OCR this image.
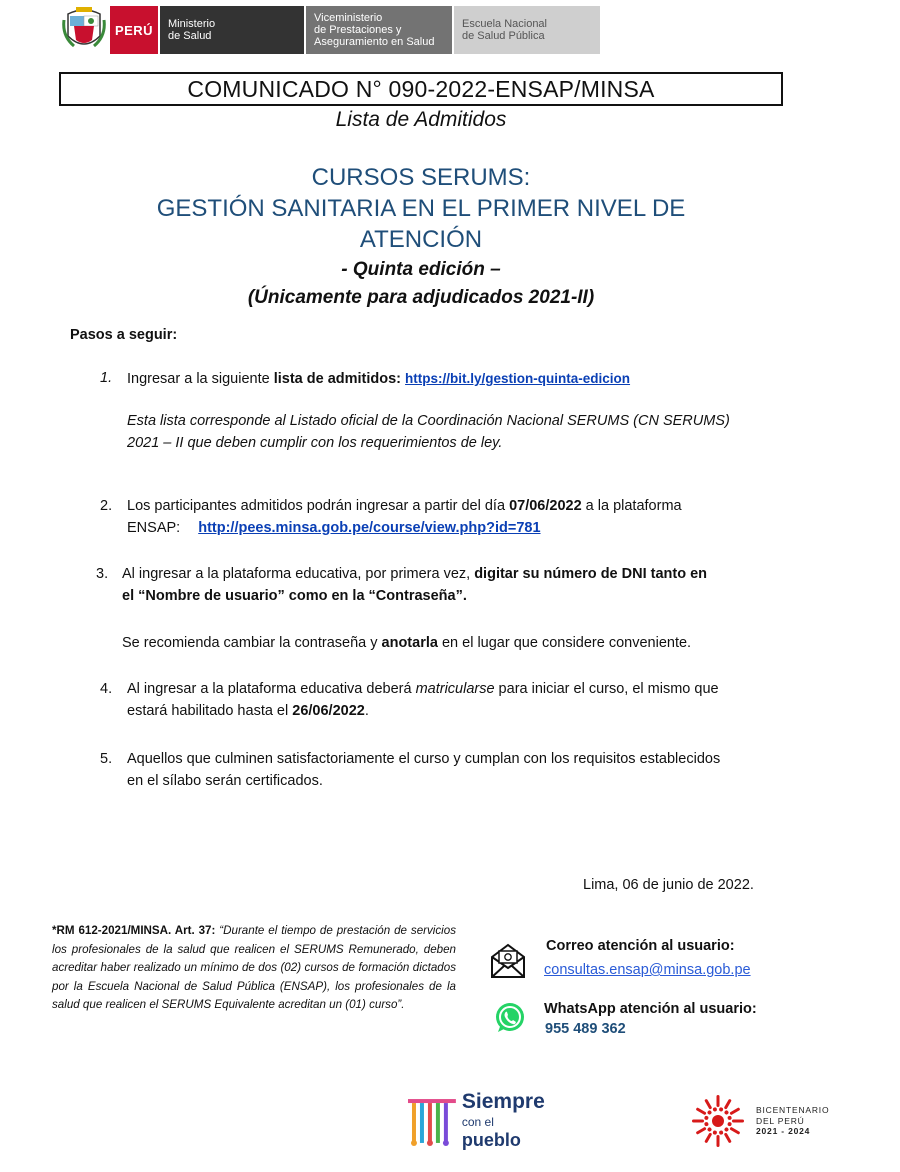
PERÚ	Ministerio
de Salud
Viceministerio
de Prestaciones y
Aseguramiento en Salud
Escuela Nacional
de Salud Pública
COMUNICADO N° 090-2022-ENSAP/MINSA
Lista de Admitidos
CURSOS SERUMS:
GESTIÓN SANITARIA EN EL PRIMER NIVEL DE
ATENCIÓN
- Quinta edición –
(Únicamente para adjudicados 2021-II)
Pasos a seguir:
1. Ingresar a la siguiente lista de admitidos: https://bit.ly/gestion-quinta-edicion
Esta lista corresponde al Listado oficial de la Coordinación Nacional SERUMS (CN SERUMS)
2021 – II que deben cumplir con los requerimientos de ley.
2. Los participantes admitidos podrán ingresar a partir del día 07/06/2022 a la plataforma
ENSAP: http://pees.minsa.gob.pe/course/view.php?id=781
3. Al ingresar a la plataforma educativa, por primera vez, digitar su número de DNI tanto en
el “Nombre de usuario” como en la “Contraseña”.
Se recomienda cambiar la contraseña y anotarla en el lugar que considere conveniente.
4. Al ingresar a la plataforma educativa deberá matricularse para iniciar el curso, el mismo que
estará habilitado hasta el 26/06/2022.
5. Aquellos que culminen satisfactoriamente el curso y cumplan con los requisitos establecidos
en el sílabo serán certificados.
Lima, 06 de junio de 2022.
*RM 612-2021/MINSA. Art. 37: “Durante el tiempo de prestación de servicios los profesionales de la salud que realicen el SERUMS Remunerado, deben acreditar haber realizado un mínimo de dos (02) cursos de formación dictados por la Escuela Nacional de Salud Pública (ENSAP), los profesionales de la salud que realicen el SERUMS Equivalente acreditan un (01) curso”.
Correo atención al usuario:
consultas.ensap@minsa.gob.pe
WhatsApp atención al usuario:
955 489 362
Siempre
con el pueblo
BICENTENARIO
DEL PERÚ
2021 - 2024
